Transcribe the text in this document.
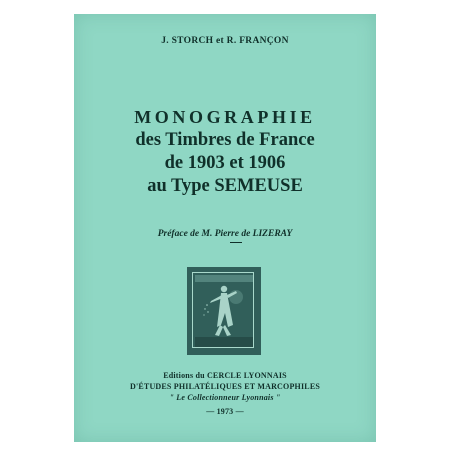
J. STORCH et R. FRANÇON
MONOGRAPHIE
des Timbres de France
de 1903 et 1906
au Type SEMEUSE
Préface de M. Pierre de LIZERAY
Editions du CERCLE LYONNAIS
D'ÉTUDES PHILATÉLIQUES ET MARCOPHILES
" Le Collectionneur Lyonnais "
— 1973 —
